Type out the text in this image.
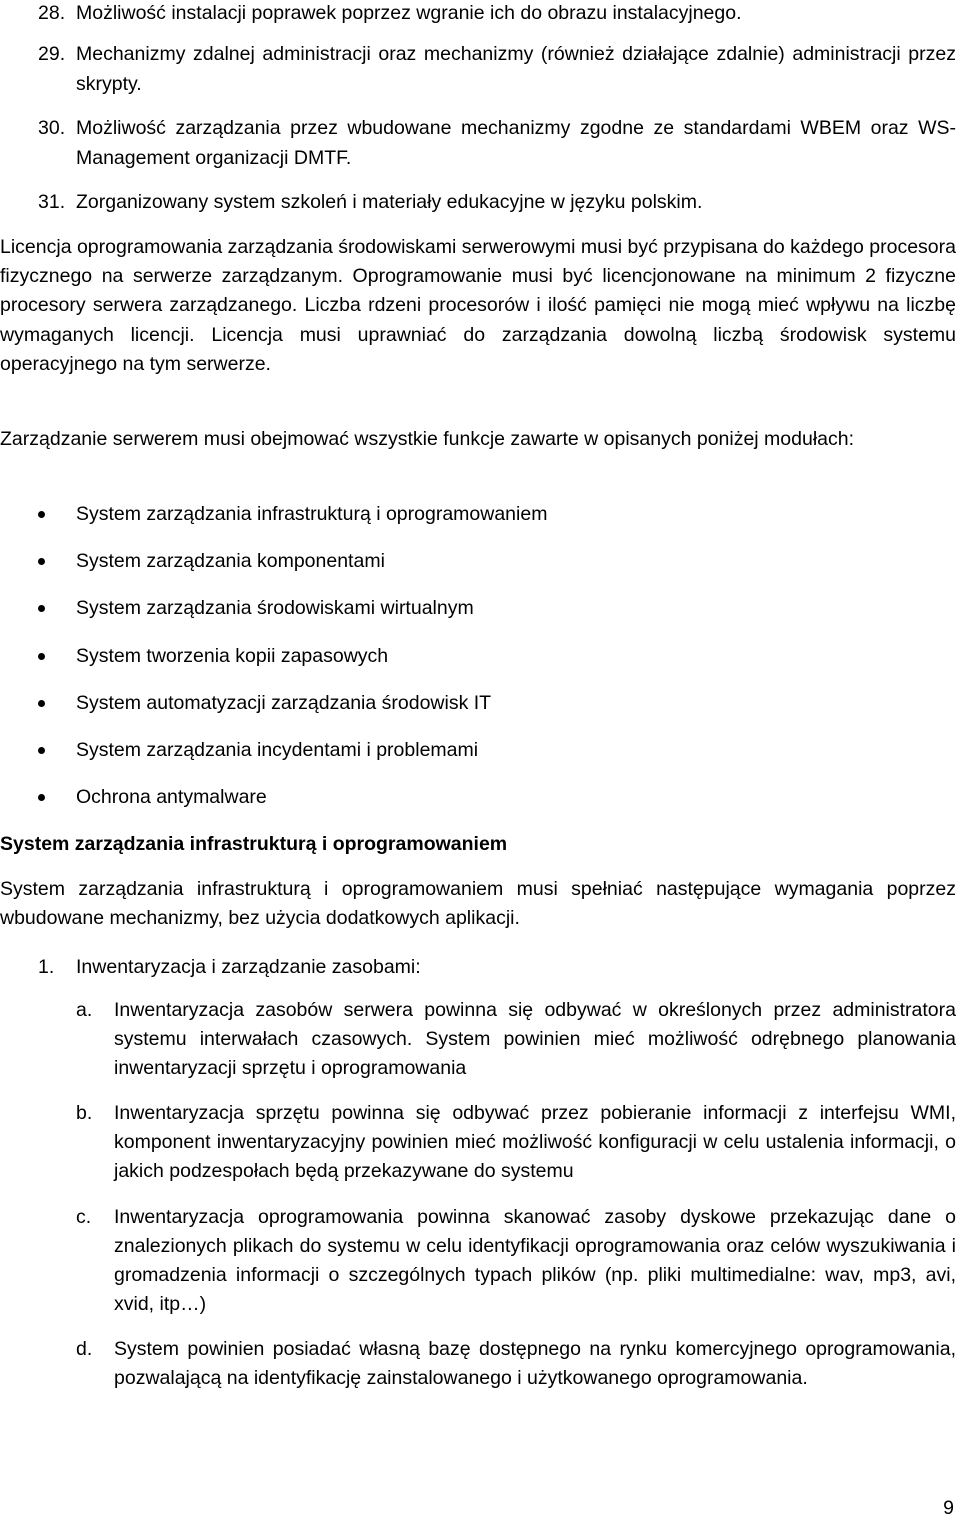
28. Możliwość instalacji poprawek poprzez wgranie ich do obrazu instalacyjnego.
29. Mechanizmy zdalnej administracji oraz mechanizmy (również działające zdalnie) administracji przez skrypty.
30. Możliwość zarządzania przez wbudowane mechanizmy zgodne ze standardami WBEM oraz WS-Management organizacji DMTF.
31. Zorganizowany system szkoleń i materiały edukacyjne w języku polskim.

Licencja oprogramowania zarządzania środowiskami serwerowymi musi być przypisana do każdego procesora fizycznego na serwerze zarządzanym. Oprogramowanie musi być licencjonowane na minimum 2 fizyczne procesory serwera zarządzanego. Liczba rdzeni procesorów i ilość pamięci nie mogą mieć wpływu na liczbę wymaganych licencji. Licencja musi uprawniać do zarządzania dowolną liczbą środowisk systemu operacyjnego na tym serwerze.

Zarządzanie serwerem musi obejmować wszystkie funkcje zawarte w opisanych poniżej modułach:

System zarządzania infrastrukturą i oprogramowaniem
System zarządzania komponentami
System zarządzania środowiskami wirtualnym
System tworzenia kopii zapasowych
System automatyzacji zarządzania środowisk IT
System zarządzania incydentami i problemami
Ochrona antymalware
System zarządzania infrastrukturą i oprogramowaniem

System zarządzania infrastrukturą i oprogramowaniem musi spełniać następujące wymagania poprzez wbudowane mechanizmy, bez użycia dodatkowych aplikacji.

1. Inwentaryzacja i zarządzanie zasobami:
a. Inwentaryzacja zasobów serwera powinna się odbywać w określonych przez administratora systemu interwałach czasowych. System powinien mieć możliwość odrębnego planowania inwentaryzacji sprzętu i oprogramowania
b. Inwentaryzacja sprzętu powinna się odbywać przez pobieranie informacji z interfejsu WMI, komponent inwentaryzacyjny powinien mieć możliwość konfiguracji w celu ustalenia informacji, o jakich podzespołach będą przekazywane do systemu
c. Inwentaryzacja oprogramowania powinna skanować zasoby dyskowe przekazując dane o znalezionych plikach do systemu w celu identyfikacji oprogramowania oraz celów wyszukiwania i gromadzenia informacji o szczególnych typach plików (np. pliki multimedialne: wav, mp3, avi, xvid, itp…)
d. System powinien posiadać własną bazę dostępnego na rynku komercyjnego oprogramowania, pozwalającą na identyfikację zainstalowanego i użytkowanego oprogramowania.
9
